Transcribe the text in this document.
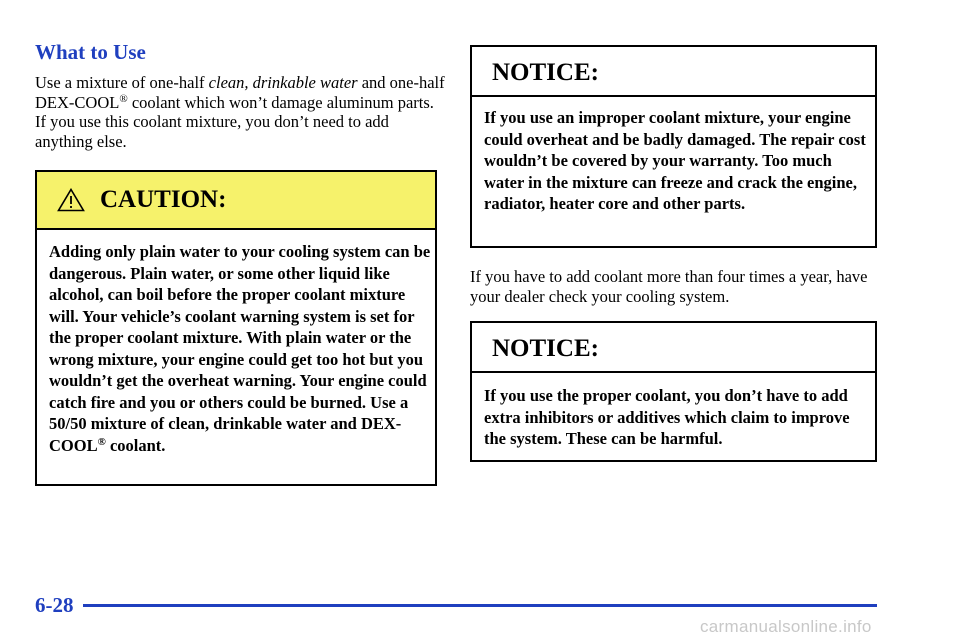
What to Use

Use a mixture of one-half clean, drinkable water and one-half DEX-COOL® coolant which won’t damage aluminum parts. If you use this coolant mixture, you don’t need to add anything else.

CAUTION:

Adding only plain water to your cooling system can be dangerous. Plain water, or some other liquid like alcohol, can boil before the proper coolant mixture will. Your vehicle’s coolant warning system is set for the proper coolant mixture. With plain water or the wrong mixture, your engine could get too hot but you wouldn’t get the overheat warning. Your engine could catch fire and you or others could be burned. Use a 50/50 mixture of clean, drinkable water and DEX-COOL® coolant.

NOTICE:

If you use an improper coolant mixture, your engine could overheat and be badly damaged. The repair cost wouldn’t be covered by your warranty. Too much water in the mixture can freeze and crack the engine, radiator, heater core and other parts.

If you have to add coolant more than four times a year, have your dealer check your cooling system.

NOTICE:

If you use the proper coolant, you don’t have to add extra inhibitors or additives which claim to improve the system. These can be harmful.

6-28
carmanualsonline.info
